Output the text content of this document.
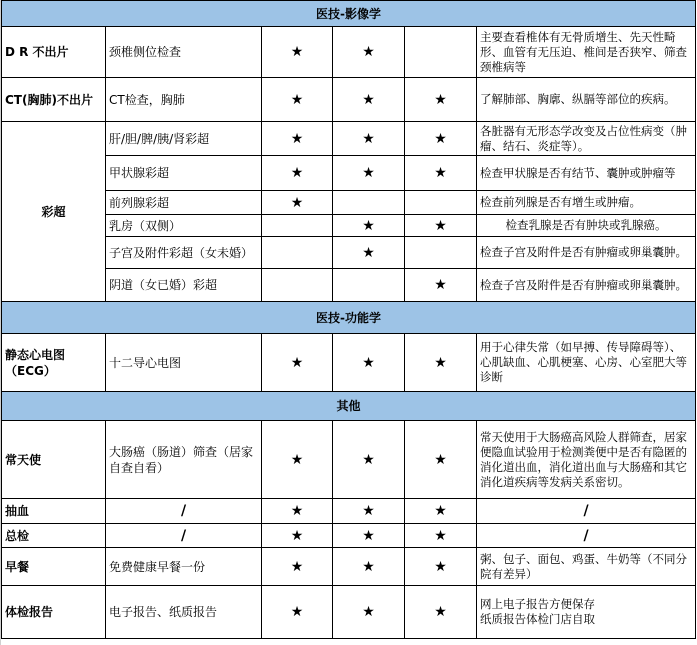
医技-影像学					
D R 不出片	颈椎侧位检查	★	★		主要查看椎体有无骨质增生、先天性畸形、血管有无压迫、椎间是否狭窄、筛查颈椎病等
CT(胸肺)不出片	CT检查，胸肺	★	★	★	了解肺部、胸廓、纵膈等部位的疾病。
彩超	肝/胆/脾/胰/肾彩超	★	★	★	各脏器有无形态学改变及占位性病变（肿瘤、结石、炎症等）。
	甲状腺彩超	★	★	★	检查甲状腺是否有结节、囊肿或肿瘤等
	前列腺彩超	★			检查前列腺是否有增生或肿瘤。
	乳房（双侧）		★	★	检查乳腺是否有肿块或乳腺癌。
	子宫及附件彩超（女未婚）		★		检查子宫及附件是否有肿瘤或卵巢囊肿。
	阴道（女已婚）彩超			★	检查子宫及附件是否有肿瘤或卵巢囊肿。
医技-功能学					
静态心电图（ECG）	十二导心电图	★	★	★	用于心律失常（如早搏、传导障碍等）、心肌缺血、心肌梗塞、心房、心室肥大等诊断
其他					
常天使	大肠癌（肠道）筛查（居家自查自看）	★	★	★	常天使用于大肠癌高风险人群筛查，居家便隐血试验用于检测粪便中是否有隐匿的消化道出血，消化道出血与大肠癌和其它消化道疾病等发病关系密切。
抽血	/	★	★	★	/
总检	/	★	★	★	/
早餐	免费健康早餐一份	★	★	★	粥、包子、面包、鸡蛋、牛奶等（不同分院有差异）
体检报告	电子报告、纸质报告	★	★	★	网上电子报告方便保存
纸质报告体检门店自取
